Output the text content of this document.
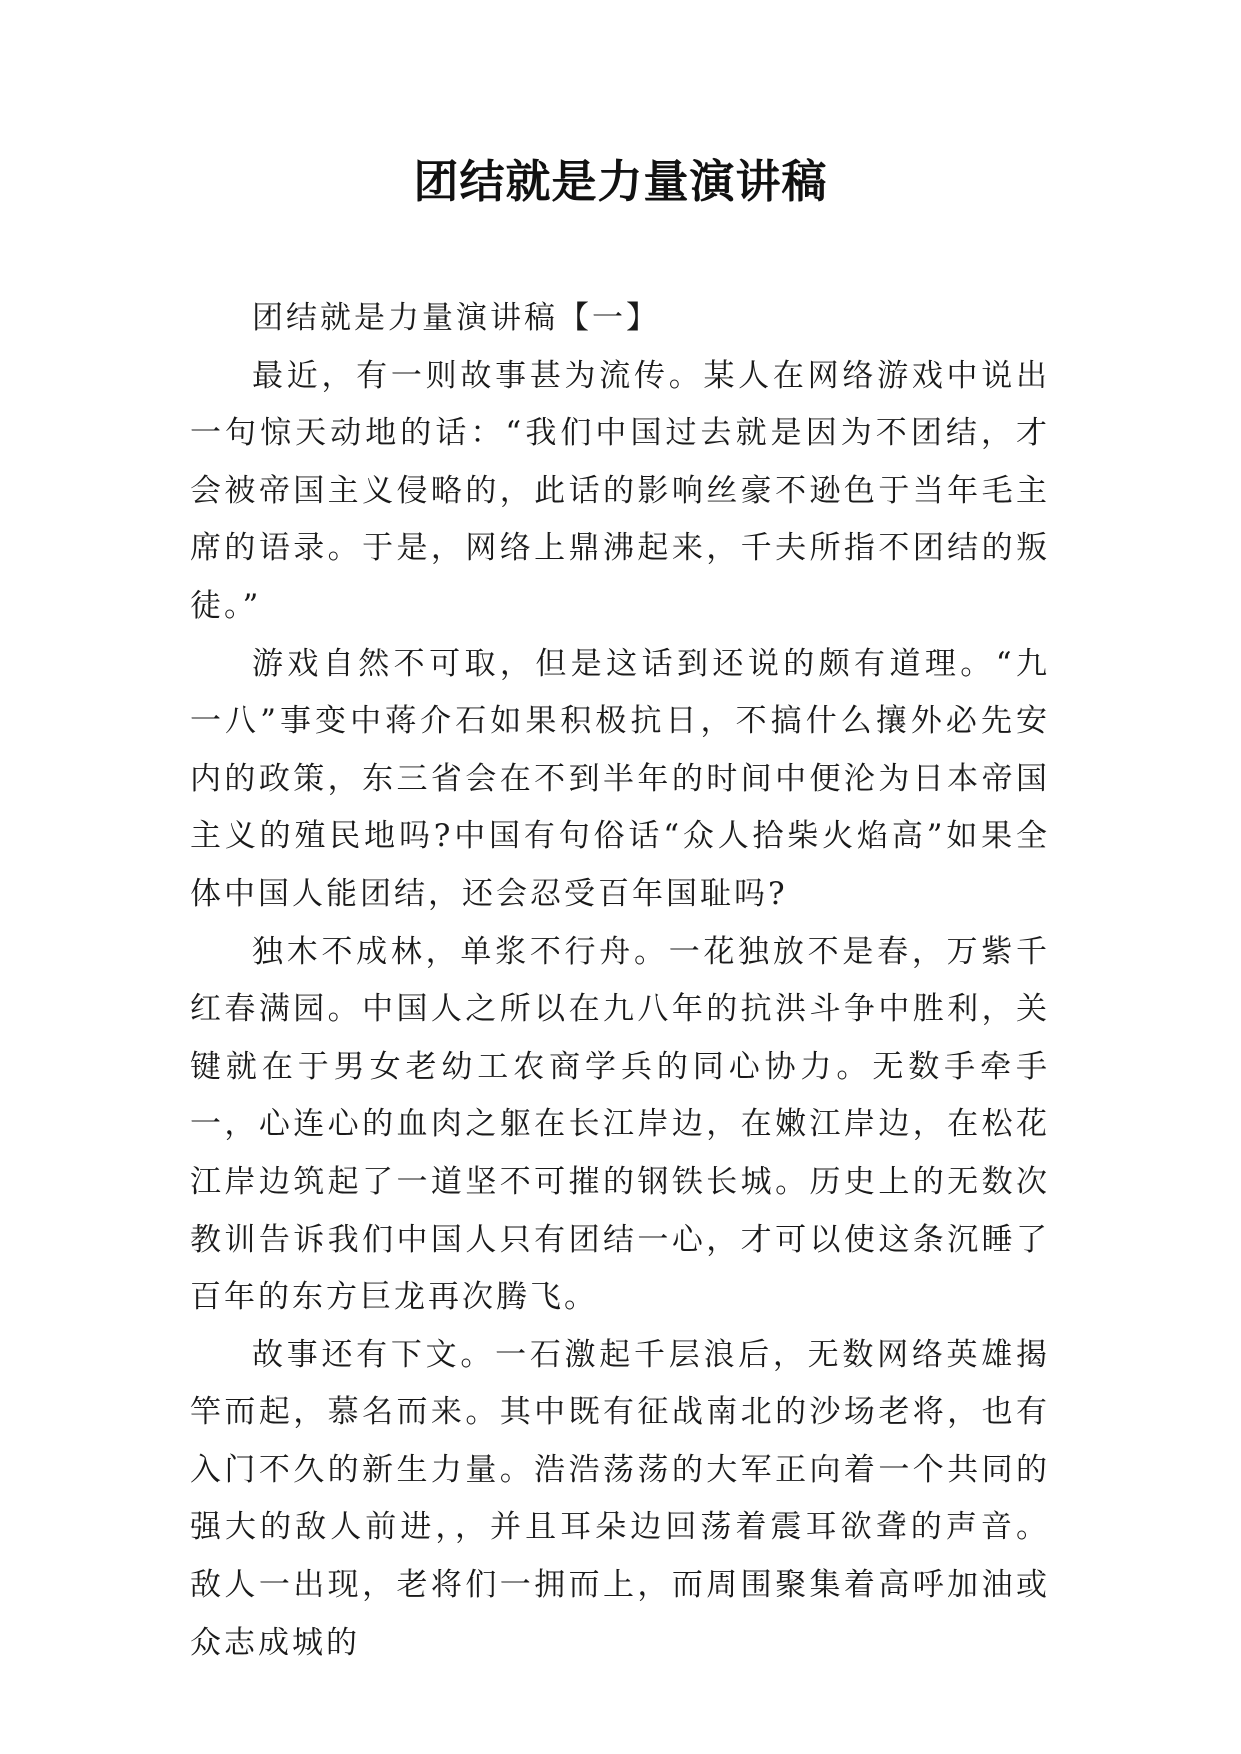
团结就是力量演讲稿

团结就是力量演讲稿【一】

最近，有一则故事甚为流传。某人在网络游戏中说出一句惊天动地的话：“我们中国过去就是因为不团结，才会被帝国主义侵略的，此话的影响丝豪不逊色于当年毛主席的语录。于是，网络上鼎沸起来，千夫所指不团结的叛徒。”

游戏自然不可取，但是这话到还说的颇有道理。“九一八”事变中蒋介石如果积极抗日，不搞什么攘外必先安内的政策，东三省会在不到半年的时间中便沦为日本帝国主义的殖民地吗?中国有句俗话“众人拾柴火焰高”如果全体中国人能团结，还会忍受百年国耻吗?

独木不成林，单浆不行舟。一花独放不是春，万紫千红春满园。中国人之所以在九八年的抗洪斗争中胜利，关键就在于男女老幼工农商学兵的同心协力。无数手牵手一，心连心的血肉之躯在长江岸边，在嫩江岸边，在松花江岸边筑起了一道坚不可摧的钢铁长城。历史上的无数次教训告诉我们中国人只有团结一心，才可以使这条沉睡了百年的东方巨龙再次腾飞。

故事还有下文。一石激起千层浪后，无数网络英雄揭竿而起，慕名而来。其中既有征战南北的沙场老将，也有入门不久的新生力量。浩浩荡荡的大军正向着一个共同的强大的敌人前进，，并且耳朵边回荡着震耳欲聋的声音。敌人一出现，老将们一拥而上，而周围聚集着高呼加油或众志成城的
